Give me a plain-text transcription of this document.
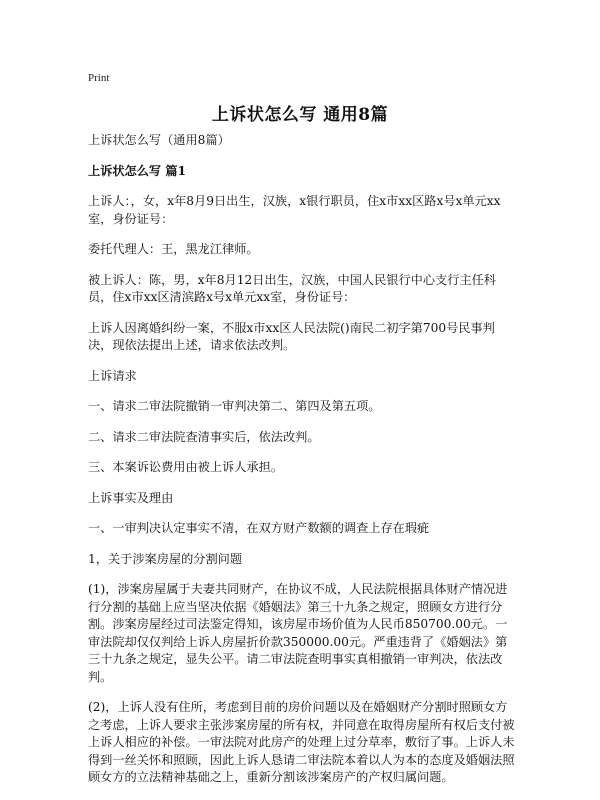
Print
上诉状怎么写 通用8篇

上诉状怎么写（通用8篇）

上诉状怎么写 篇1

上诉人：，女，x年8月9日出生，汉族，x银行职员，住x市xx区路x号x单元xx室，身份证号：

委托代理人：王，黑龙江律师。

被上诉人：陈，男，x年8月12日出生，汉族，中国人民银行中心支行主任科员，住x市xx区清滨路x号x单元xx室，身份证号：

上诉人因离婚纠纷一案，不服x市xx区人民法院()南民二初字第700号民事判决，现依法提出上述，请求依法改判。

上诉请求

一、请求二审法院撤销一审判决第二、第四及第五项。

二、请求二审法院查清事实后，依法改判。

三、本案诉讼费用由被上诉人承担。

上诉事实及理由

一、一审判决认定事实不清，在双方财产数额的调查上存在瑕疵

1，关于涉案房屋的分割问题

(1)，涉案房屋属于夫妻共同财产，在协议不成，人民法院根据具体财产情况进行分割的基础上应当坚决依据《婚姻法》第三十九条之规定，照顾女方进行分割。涉案房屋经过司法鉴定得知，该房屋市场价值为人民币850700.00元。一审法院却仅仅判给上诉人房屋折价款350000.00元。严重违背了《婚姻法》第三十九条之规定，显失公平。请二审法院查明事实真相撤销一审判决，依法改判。

(2)，上诉人没有住所，考虑到目前的房价问题以及在婚姻财产分割时照顾女方之考虑，上诉人要求主张涉案房屋的所有权，并同意在取得房屋所有权后支付被上诉人相应的补偿。一审法院对此房产的处理上过分草率，敷衍了事。上诉人未得到一丝关怀和照顾，因此上诉人恳请二审法院本着以人为本的态度及婚姻法照顾女方的立法精神基础之上，重新分割该涉案房产的产权归属问题。
